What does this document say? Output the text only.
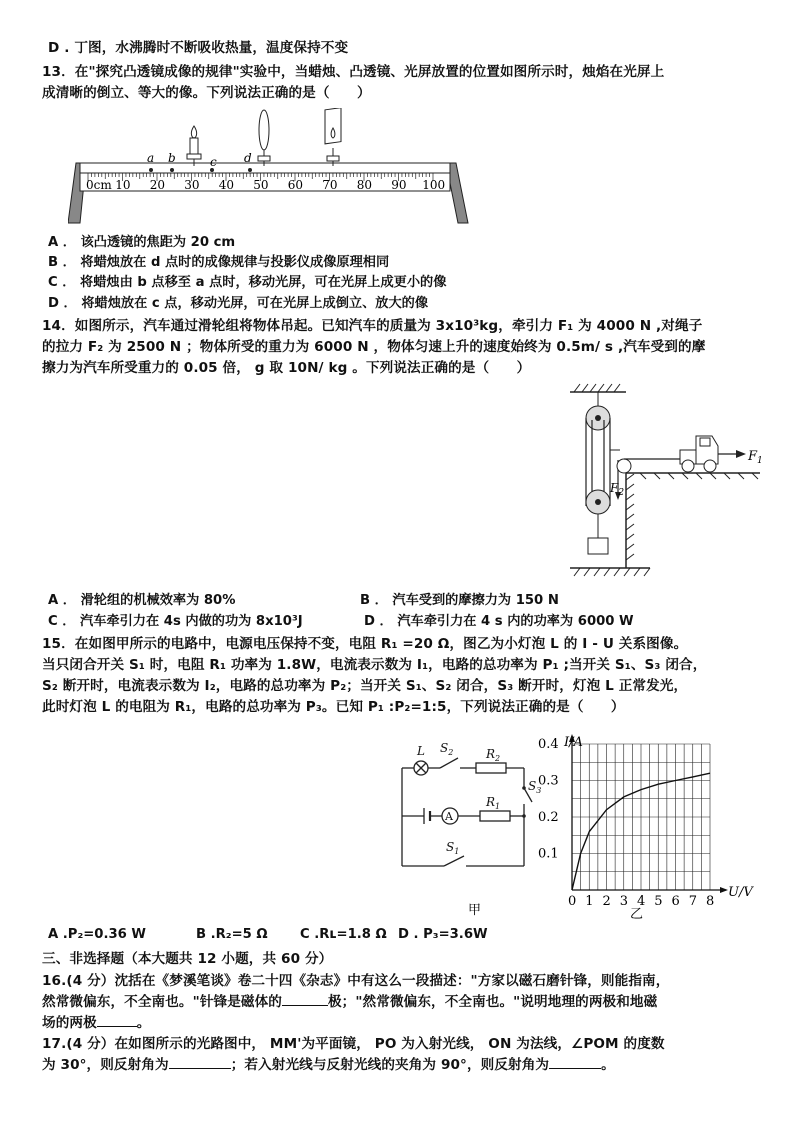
D . 丁图，水沸腾时不断吸收热量，温度保持不变
13．在"探究凸透镜成像的规律"实验中，当蜡烛、凸透镜、光屏放置的位置如图所示时，烛焰在光屏上
成清晰的倒立、等大的像。下列说法正确的是（　　）
0cm 10 20 30 40 50 60 70 80 90 100
a b	c d
A ． 该凸透镜的焦距为 20 cm
B ． 将蜡烛放在 d 点时的成像规律与投影仪成像原理相同
C ． 将蜡烛由 b 点移至 a 点时，移动光屏，可在光屏上成更小的像
D ． 将蜡烛放在 c 点，移动光屏，可在光屏上成倒立、放大的像
14．如图所示，汽车通过滑轮组将物体吊起。已知汽车的质量为 3x10³kg，牵引力 F₁ 为 4000 N ,对绳子
的拉力 F₂ 为 2500 N ；物体所受的重力为 6000 N ，物体匀速上升的速度始终为 0.5m/ s ,汽车受到的摩
擦力为汽车所受重力的 0.05 倍， g 取 10N/ kg 。下列说法正确的是（　　）
$F_2$
$F_1$
A ． 滑轮组的机械效率为 80%	B ． 汽车受到的摩擦力为 150 N
C ． 汽车牵引力在 4s 内做的功为 8x10³J	D ． 汽车牵引力在 4 s 内的功率为 6000 W
15．在如图甲所示的电路中，电源电压保持不变，电阻 R₁ =20 Ω，图乙为小灯泡 L 的 I - U 关系图像。
当只闭合开关 S₁ 时，电阻 R₁ 功率为 1.8W，电流表示数为 I₁，电路的总功率为 P₁ ;当开关 S₁、S₃ 闭合，
S₂ 断开时，电流表示数为 I₂，电路的总功率为 P₂；当开关 S₁、S₂ 闭合，S₃ 断开时，灯泡 L 正常发光，
此时灯泡 L 的电阻为 R₁，电路的总功率为 P₃。已知 P₁ :P₂=1:5，下列说法正确的是（　　）
L $S_2$	$R_2$
$S_3$
$R_1$
A
$S_1$
甲
0 1 2 3 4 5 6 7 8
0.1
0.2
0.3
0.4 I/A
U/V
乙
A .P₂=0.36 W	B .R₂=5 Ω C .Rʟ=1.8 Ω D . P₃=3.6W
三、非选择题（本大题共 12 小题，共 60 分）
16.(4 分）沈括在《梦溪笔谈》卷二十四《杂志》中有这么一段描述："方家以磁石磨针锋，则能指南，
然常微偏东，不全南也。"针锋是磁体的	极；"然常微偏东，不全南也。"说明地理的两极和地磁
场的两极	。
17.(4 分）在如图所示的光路图中， MM'为平面镜， PO 为入射光线， ON 为法线，∠POM 的度数
为 30°，则反射角为	；若入射光线与反射光线的夹角为 90°，则反射角为	。
